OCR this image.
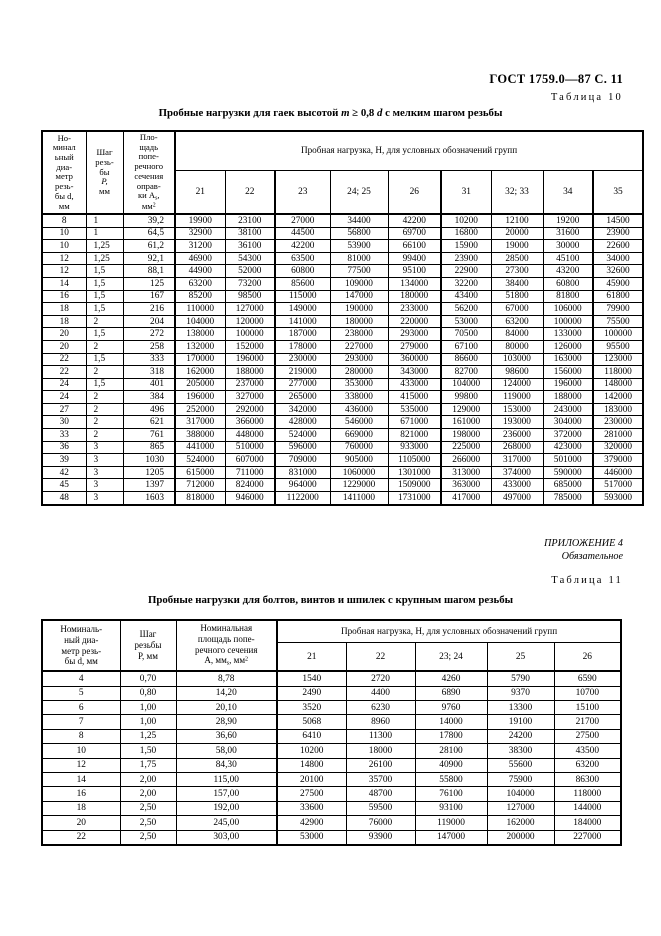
ГОСТ 1759.0—87 С. 11
Таблица 10
Пробные нагрузки для гаек высотой m ≥ 0,8 d с мелким шагом резьбы
Но-
минал
ьный
диа-
метр
резь-
бы d,
мм	Шаг
резь-
бы
P,
мм	Пло-
щадь
попе-
речного
сечения
оправ-
ки $A_s$,
$мм^2$	Пробная нагрузка, Н, для условных обозначений групп
			21	22	23	24; 25	26	31	32; 33	34	35
8	1	39,2	19900	23100	27000	34400	42200	10200	12100	19200	14500
10	1	64,5	32900	38100	44500	56800	69700	16800	20000	31600	23900
10	1,25	61,2	31200	36100	42200	53900	66100	15900	19000	30000	22600
12	1,25	92,1	46900	54300	63500	81000	99400	23900	28500	45100	34000
12	1,5	88,1	44900	52000	60800	77500	95100	22900	27300	43200	32600
14	1,5	125	63200	73200	85600	109000	134000	32200	38400	60800	45900
16	1,5	167	85200	98500	115000	147000	180000	43400	51800	81800	61800
18	1,5	216	110000	127000	149000	190000	233000	56200	67000	106000	79900
18	2	204	104000	120000	141000	180000	220000	53000	63200	100000	75500
20	1,5	272	138000	100000	187000	238000	293000	70500	84000	133000	100000
20	2	258	132000	152000	178000	227000	279000	67100	80000	126000	95500
22	1,5	333	170000	196000	230000	293000	360000	86600	103000	163000	123000
22	2	318	162000	188000	219000	280000	343000	82700	98600	156000	118000
24	1,5	401	205000	237000	277000	353000	433000	104000	124000	196000	148000
24	2	384	196000	327000	265000	338000	415000	99800	119000	188000	142000
27	2	496	252000	292000	342000	436000	535000	129000	153000	243000	183000
30	2	621	317000	366000	428000	546000	671000	161000	193000	304000	230000
33	2	761	388000	448000	524000	669000	821000	198000	236000	372000	281000
36	3	865	441000	510000	596000	760000	933000	225000	268000	423000	320000
39	3	1030	524000	607000	709000	905000	1105000	266000	317000	501000	379000
42	3	1205	615000	711000	831000	1060000	1301000	313000	374000	590000	446000
45	3	1397	712000	824000	964000	1229000	1509000	363000	433000	685000	517000
48	3	1603	818000	946000	1122000	1411000	1731000	417000	497000	785000	593000
ПРИЛОЖЕНИЕ 4
Обязательное
Таблица 11
Пробные нагрузки для болтов, винтов и шпилек с крупным шагом резьбы
Номиналь-
ный диа-
метр резь-
бы d, мм	Шаг
резьбы
P, мм	Номинальная
площадь попе-
речного сечения
A, $мм_s$, $мм^2$	Пробная нагрузка, Н, для условных обозначений групп				
			21	22	23; 24	25	26
4	0,70	8,78	1540	2720	4260	5790	6590
5	0,80	14,20	2490	4400	6890	9370	10700
6	1,00	20,10	3520	6230	9760	13300	15100
7	1,00	28,90	5068	8960	14000	19100	21700
8	1,25	36,60	6410	11300	17800	24200	27500
10	1,50	58,00	10200	18000	28100	38300	43500
12	1,75	84,30	14800	26100	40900	55600	63200
14	2,00	115,00	20100	35700	55800	75900	86300
16	2,00	157,00	27500	48700	76100	104000	118000
18	2,50	192,00	33600	59500	93100	127000	144000
20	2,50	245,00	42900	76000	119000	162000	184000
22	2,50	303,00	53000	93900	147000	200000	227000
